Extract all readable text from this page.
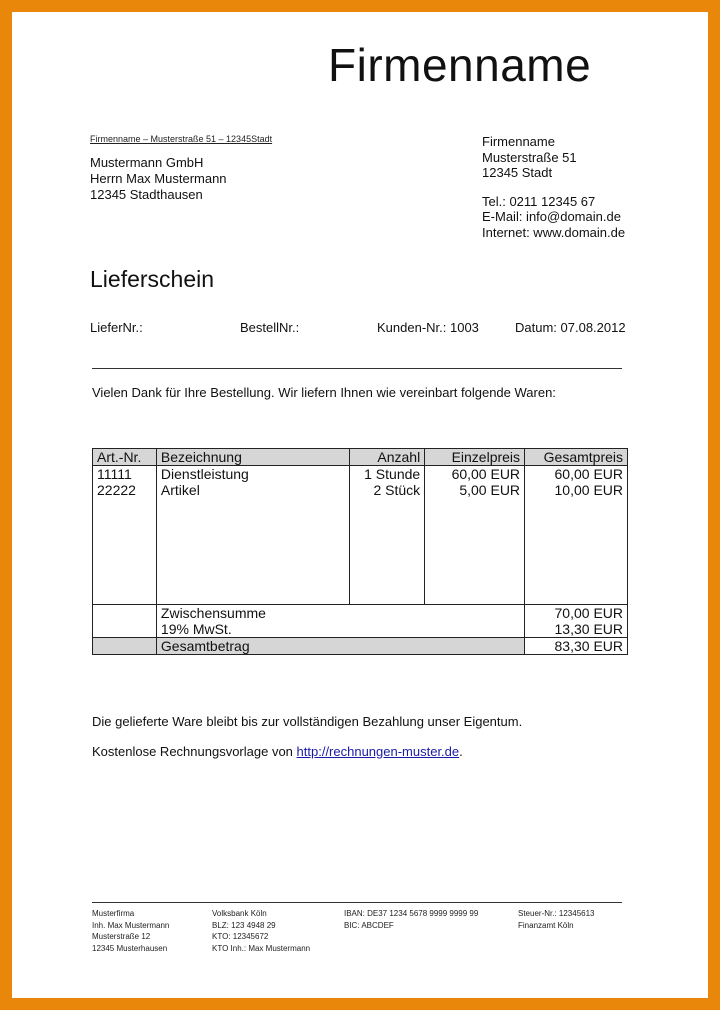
Firmenname
Firmenname – Musterstraße 51 – 12345Stadt
Mustermann GmbH
Herrn Max Mustermann
12345 Stadthausen
Firmenname
Musterstraße 51
12345 Stadt
Tel.: 0211 12345 67
E-Mail: info@domain.de
Internet: www.domain.de
Lieferschein
LieferNr.:	BestellNr.:	Kunden-Nr.: 1003	Datum: 07.08.2012
Vielen Dank für Ihre Bestellung. Wir liefern Ihnen wie vereinbart folgende Waren:
Art.-Nr.	Bezeichnung	Anzahl	Einzelpreis	Gesamtpreis
11111	Dienstleistung	1 Stunde	60,00 EUR	60,00 EUR
22222	Artikel	2 Stück	5,00 EUR	10,00 EUR

	Zwischensumme			70,00 EUR
	19% MwSt.			13,30 EUR
	Gesamtbetrag			83,30 EUR
Die gelieferte Ware bleibt bis zur vollständigen Bezahlung unser Eigentum.
Kostenlose Rechnungsvorlage von http://rechnungen-muster.de.
Musterfirma
Inh. Max Mustermann
Musterstraße 12
12345 Musterhausen
Volksbank Köln
BLZ: 123 4948 29
KTO: 12345672
KTO Inh.: Max Mustermann
IBAN: DE37 1234 5678 9999 9999 99
BIC: ABCDEF
Steuer-Nr.: 12345613
Finanzamt Köln
